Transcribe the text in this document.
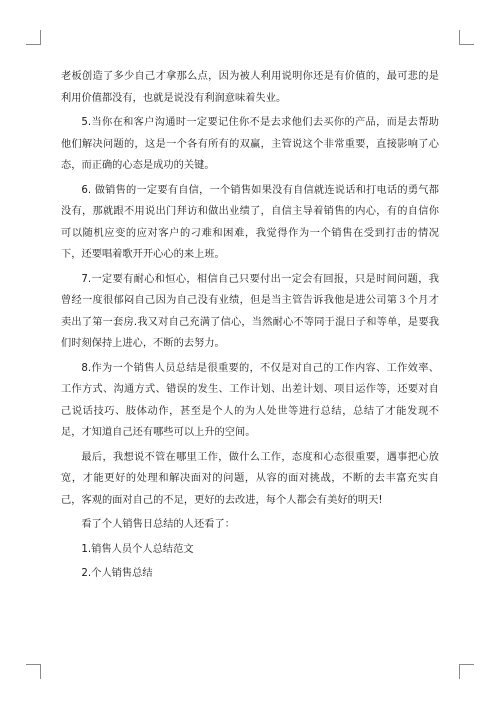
老板创造了多少自己才拿那么点，因为被人利用说明你还是有价值的，最可悲的是利用价值都没有，也就是说没有利润意味着失业。

5.当你在和客户沟通时一定要记住你不是去求他们去买你的产品，而是去帮助他们解决问题的，这是一个各有所有的双赢，主管说这个非常重要，直接影响了心态，而正确的心态是成功的关键。

6. 做销售的一定要有自信，一个销售如果没有自信就连说话和打电话的勇气都没有，那就跟不用说出门拜访和做出业绩了，自信主导着销售的内心，有的自信你可以随机应变的应对客户的刁难和困难，我觉得作为一个销售在受到打击的情况下，还要唱着歌开开心心的来上班。

7.一定要有耐心和恒心，相信自己只要付出一定会有回报，只是时间问题，我曾经一度很郁闷自己因为自己没有业绩，但是当主管告诉我他是进公司第３个月才卖出了第一套房.我又对自己充满了信心，当然耐心不等同于混日子和等单，是要我们时刻保持上进心，不断的去努力。

8.作为一个销售人员总结是很重要的，不仅是对自己的工作内容、工作效率、工作方式、沟通方式、错误的发生、工作计划、出差计划、项目运作等，还要对自己说话技巧、肢体动作，甚至是个人的为人处世等进行总结，总结了才能发现不足，才知道自己还有哪些可以上升的空间。

最后，我想说不管在哪里工作，做什么工作，态度和心态很重要，遇事把心放宽，才能更好的处理和解决面对的问题，从容的面对挑战，不断的去丰富充实自己，客观的面对自己的不足，更好的去改进，每个人都会有美好的明天!

看了个人销售日总结的人还看了：

1.销售人员个人总结范文

2.个人销售总结
